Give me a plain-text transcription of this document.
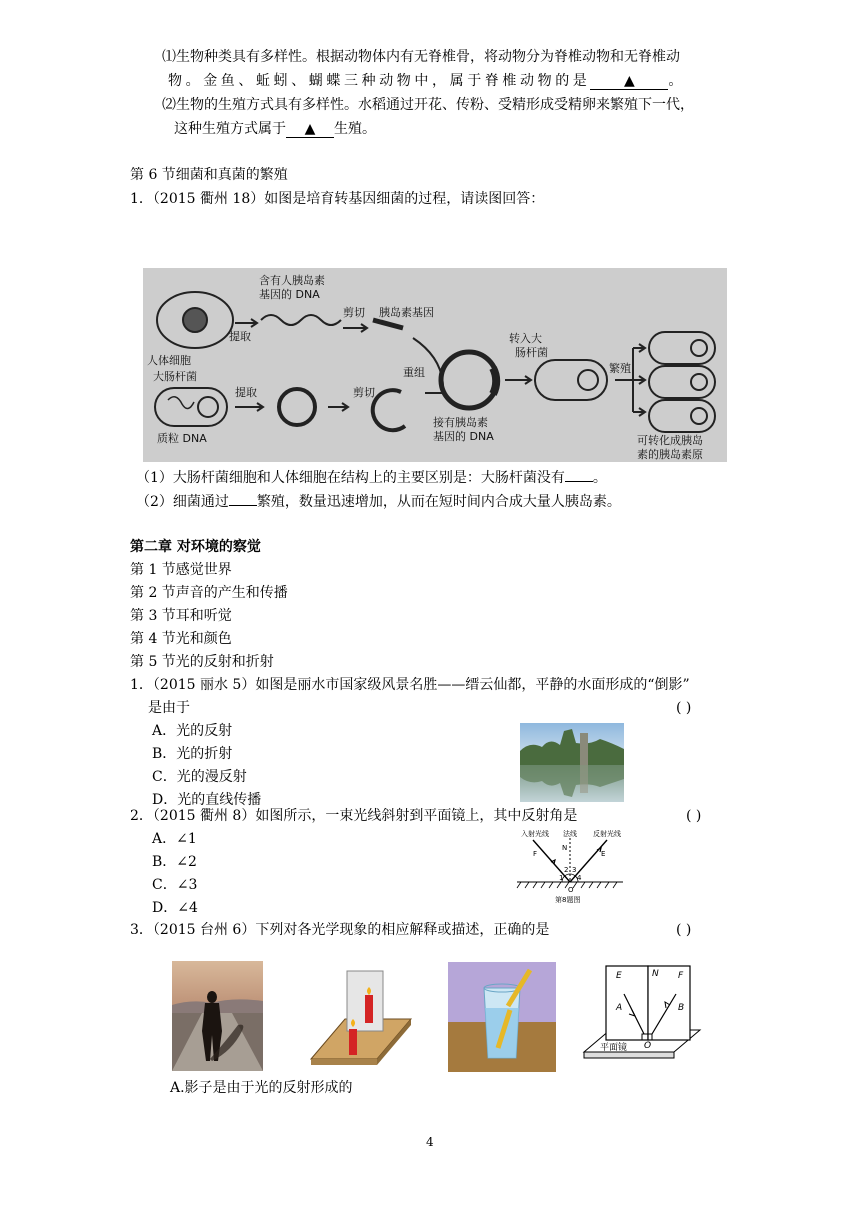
⑴生物种类具有多样性。根据动物体内有无脊椎骨，将动物分为脊椎动物和无脊椎动
物。金鱼、蚯蚓、蝴蝶三种动物中，属于脊椎动物的是 ▲ 。
⑵生物的生殖方式具有多样性。水稻通过开花、传粉、受精形成受精卵来繁殖下一代，
这种生殖方式属于 ▲ 生殖。
第 6 节细菌和真菌的繁殖
1．（2015 衢州 18）如图是培育转基因细菌的过程，请读图回答：
含有人胰岛素
基因的 DNA
提取
剪切 胰岛素基因
人体细胞
大肠杆菌
提取	剪切
重组
转入大
肠杆菌
繁殖
质粒 DNA
接有胰岛素
基因的 DNA	可转化成胰岛
素的胰岛素原
（1）大肠杆菌细胞和人体细胞在结构上的主要区别是：大肠杆菌没有 。
（2）细菌通过 繁殖，数量迅速增加，从而在短时间内合成大量人胰岛素。
第二章 对环境的察觉
第 1 节感觉世界
第 2 节声音的产生和传播
第 3 节耳和听觉
第 4 节光和颜色
第 5 节光的反射和折射
1．（2015 丽水 5）如图是丽水市国家级风景名胜——缙云仙都，平静的水面形成的“倒影”
是由于	( )
A．光的反射
B．光的折射
C．光的漫反射
D．光的直线传播
2．（2015 衢州 8）如图所示，一束光线斜射到平面镜上，其中反射角是	( )
A．∠1
B．∠2
C．∠3
D．∠4
入射光线 法线 反射光线
F
N
E
O
1
2 3
4
第8题图
3．（2015 台州 6）下列对各光学现象的相应解释或描述，正确的是	( )
E	N F
A	B
O
平面镜
A.影子是由于光的反射形成的
4
